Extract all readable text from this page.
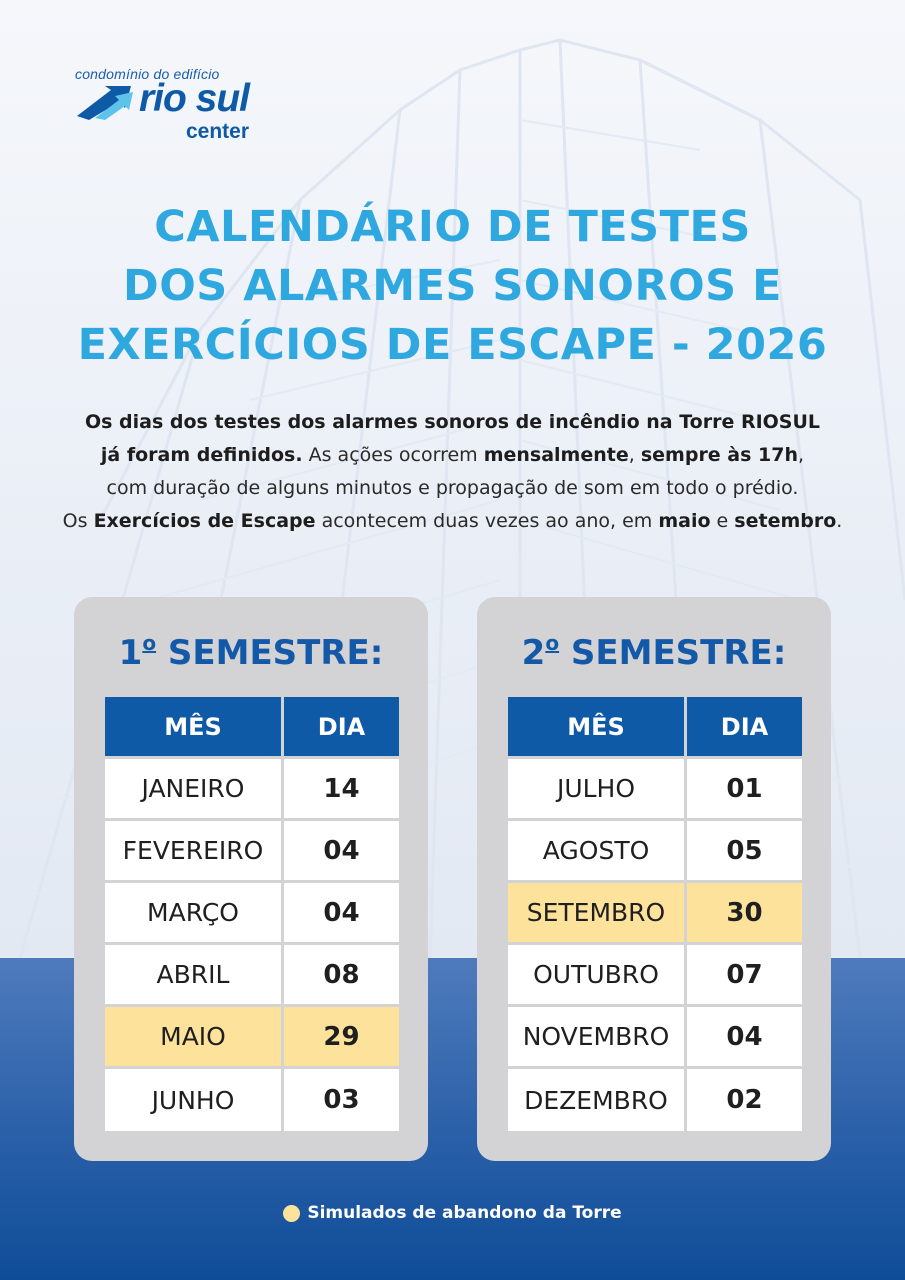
condomínio do edifício
rio sul
center
CALENDÁRIO DE TESTES
DOS ALARMES SONOROS E
EXERCÍCIOS DE ESCAPE - 2026
Os dias dos testes dos alarmes sonoros de incêndio na Torre RIOSUL
já foram definidos. As ações ocorrem mensalmente, sempre às 17h,
com duração de alguns minutos e propagação de som em todo o prédio.
Os Exercícios de Escape acontecem duas vezes ao ano, em maio e setembro.
1$^o$ SEMESTRE:
MÊS	DIA
JANEIRO	14
FEVEREIRO	04
MARÇO	04
ABRIL	08
MAIO	29
JUNHO	03
2$^o$ SEMESTRE:
MÊS	DIA
JULHO	01
AGOSTO	05
SETEMBRO	30
OUTUBRO	07
NOVEMBRO	04
DEZEMBRO	02
Simulados de abandono da Torre
